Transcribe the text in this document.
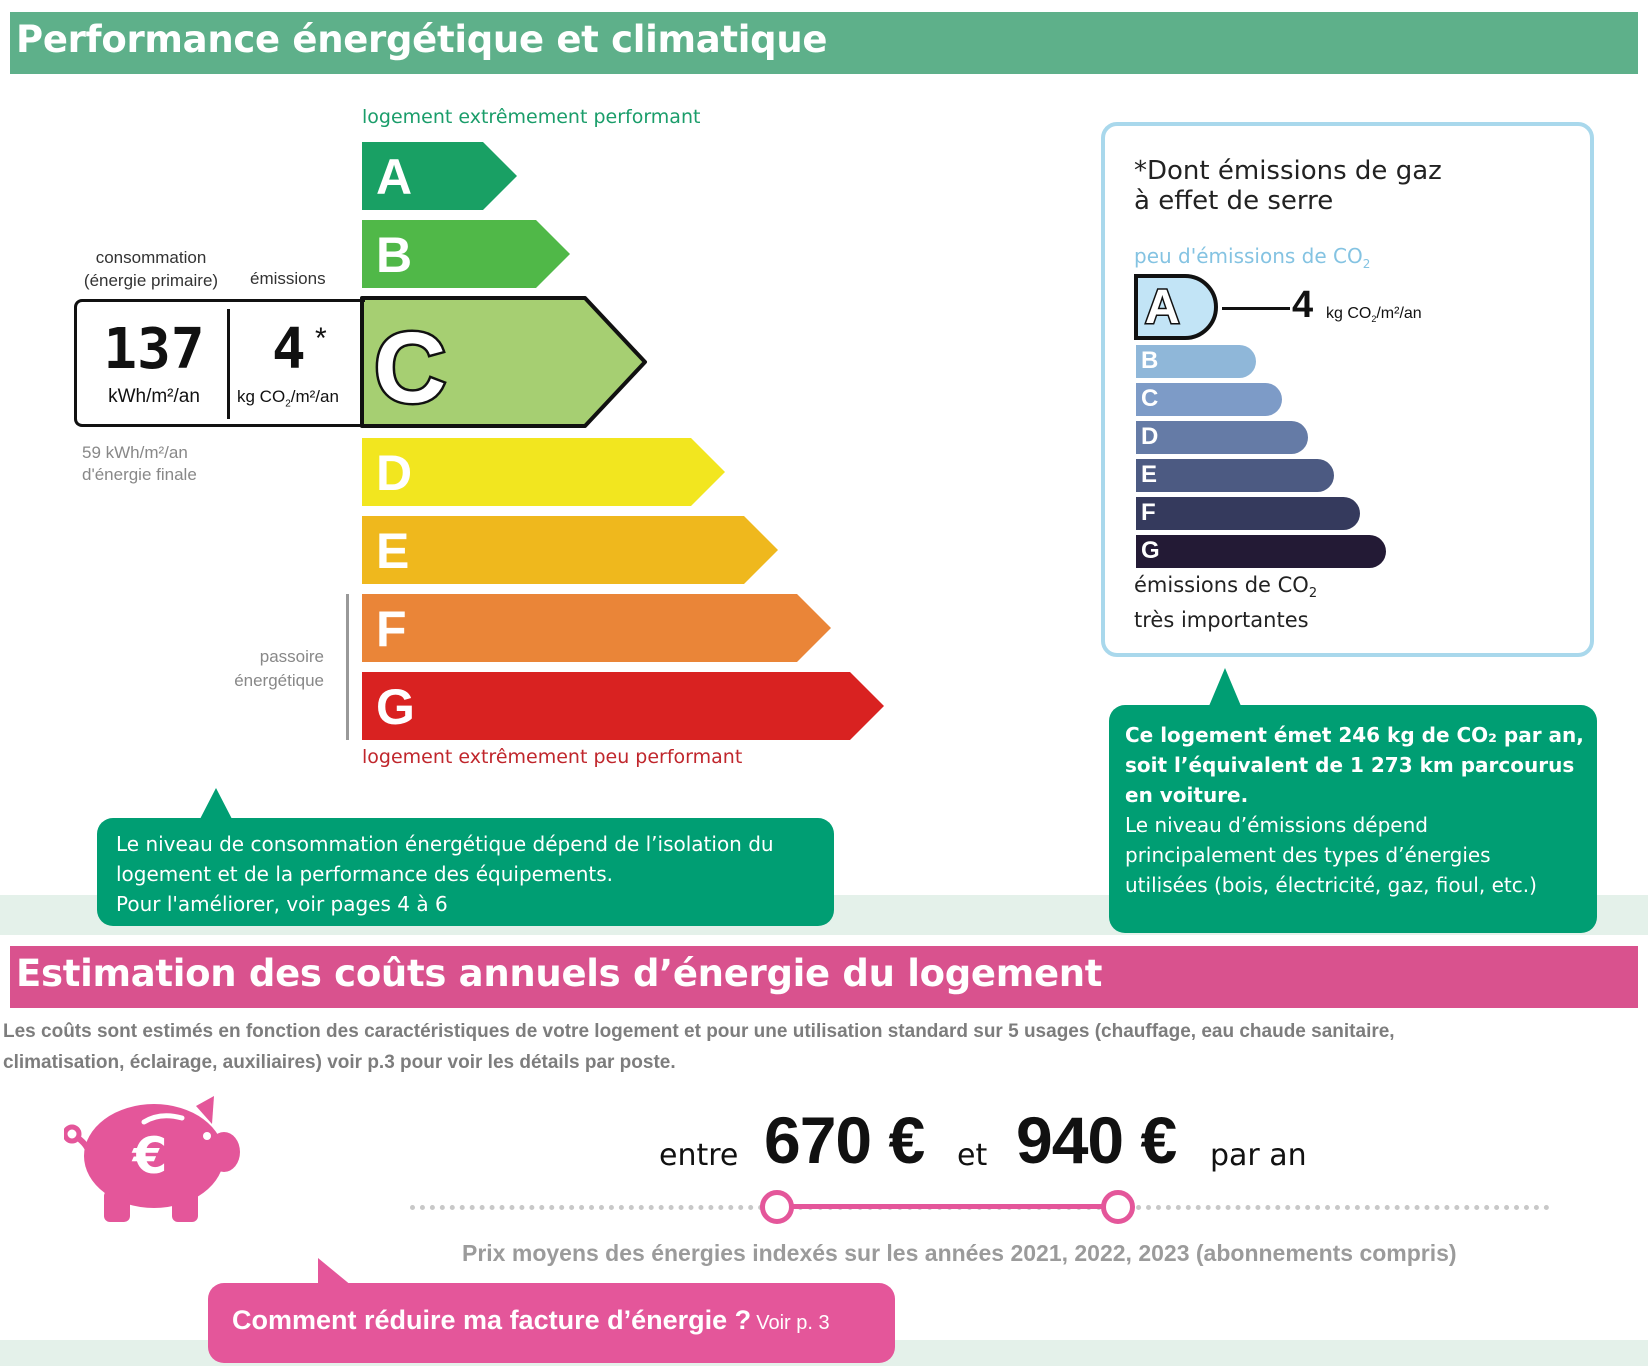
Performance énergétique et climatique
logement extrêmement performant
A
B
C
D
E
F
G
consommation
(énergie primaire)	émissions
137
kWh/m²/an
4 *
kg $CO_2/m^2/an$
59 kWh/m²/an
d'énergie finale
passoire
énergétique
logement extrêmement peu performant
Le niveau de consommation énergétique dépend de l’isolation du
logement et de la performance des équipements.
Pour l'améliorer, voir pages 4 à 6
*Dont émissions de gaz
à effet de serre
peu d'émissions de $CO_2$
A
B
C
D
E
F
G
4 kg $CO_2/m^2/an$
émissions de $CO_2$
très importantes
Ce logement émet 246 kg de CO₂ par an,
soit l’équivalent de 1 273 km parcourus
en voiture.
Le niveau d’émissions dépend
principalement des types d’énergies
utilisées (bois, électricité, gaz, fioul, etc.)
Estimation des coûts annuels d’énergie du logement
Les coûts sont estimés en fonction des caractéristiques de votre logement et pour une utilisation standard sur 5 usages (chauffage, eau chaude sanitaire,
climatisation, éclairage, auxiliaires) voir p.3 pour voir les détails par poste.
€	entre 670 € et 940 € par an
Prix moyens des énergies indexés sur les années 2021, 2022, 2023 (abonnements compris)
Comment réduire ma facture d’énergie ? Voir p. 3
